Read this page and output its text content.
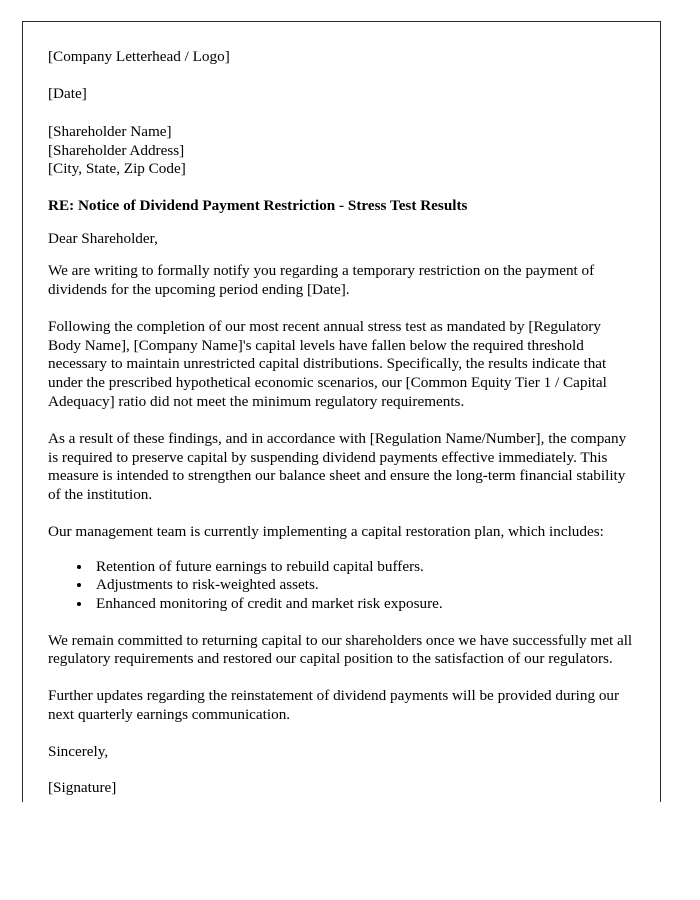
[Company Letterhead / Logo]
[Date]
[Shareholder Name]
[Shareholder Address]
[City, State, Zip Code]
RE: Notice of Dividend Payment Restriction - Stress Test Results
Dear Shareholder,

We are writing to formally notify you regarding a temporary restriction on the payment of dividends for the upcoming period ending [Date].

Following the completion of our most recent annual stress test as mandated by [Regulatory Body Name], [Company Name]'s capital levels have fallen below the required threshold necessary to maintain unrestricted capital distributions. Specifically, the results indicate that under the prescribed hypothetical economic scenarios, our [Common Equity Tier 1 / Capital Adequacy] ratio did not meet the minimum regulatory requirements.

As a result of these findings, and in accordance with [Regulation Name/Number], the company is required to preserve capital by suspending dividend payments effective immediately. This measure is intended to strengthen our balance sheet and ensure the long-term financial stability of the institution.

Our management team is currently implementing a capital restoration plan, which includes:

• Retention of future earnings to rebuild capital buffers.
• Adjustments to risk-weighted assets.
• Enhanced monitoring of credit and market risk exposure.

We remain committed to returning capital to our shareholders once we have successfully met all regulatory requirements and restored our capital position to the satisfaction of our regulators.

Further updates regarding the reinstatement of dividend payments will be provided during our next quarterly earnings communication.

Sincerely,
[Signature]
